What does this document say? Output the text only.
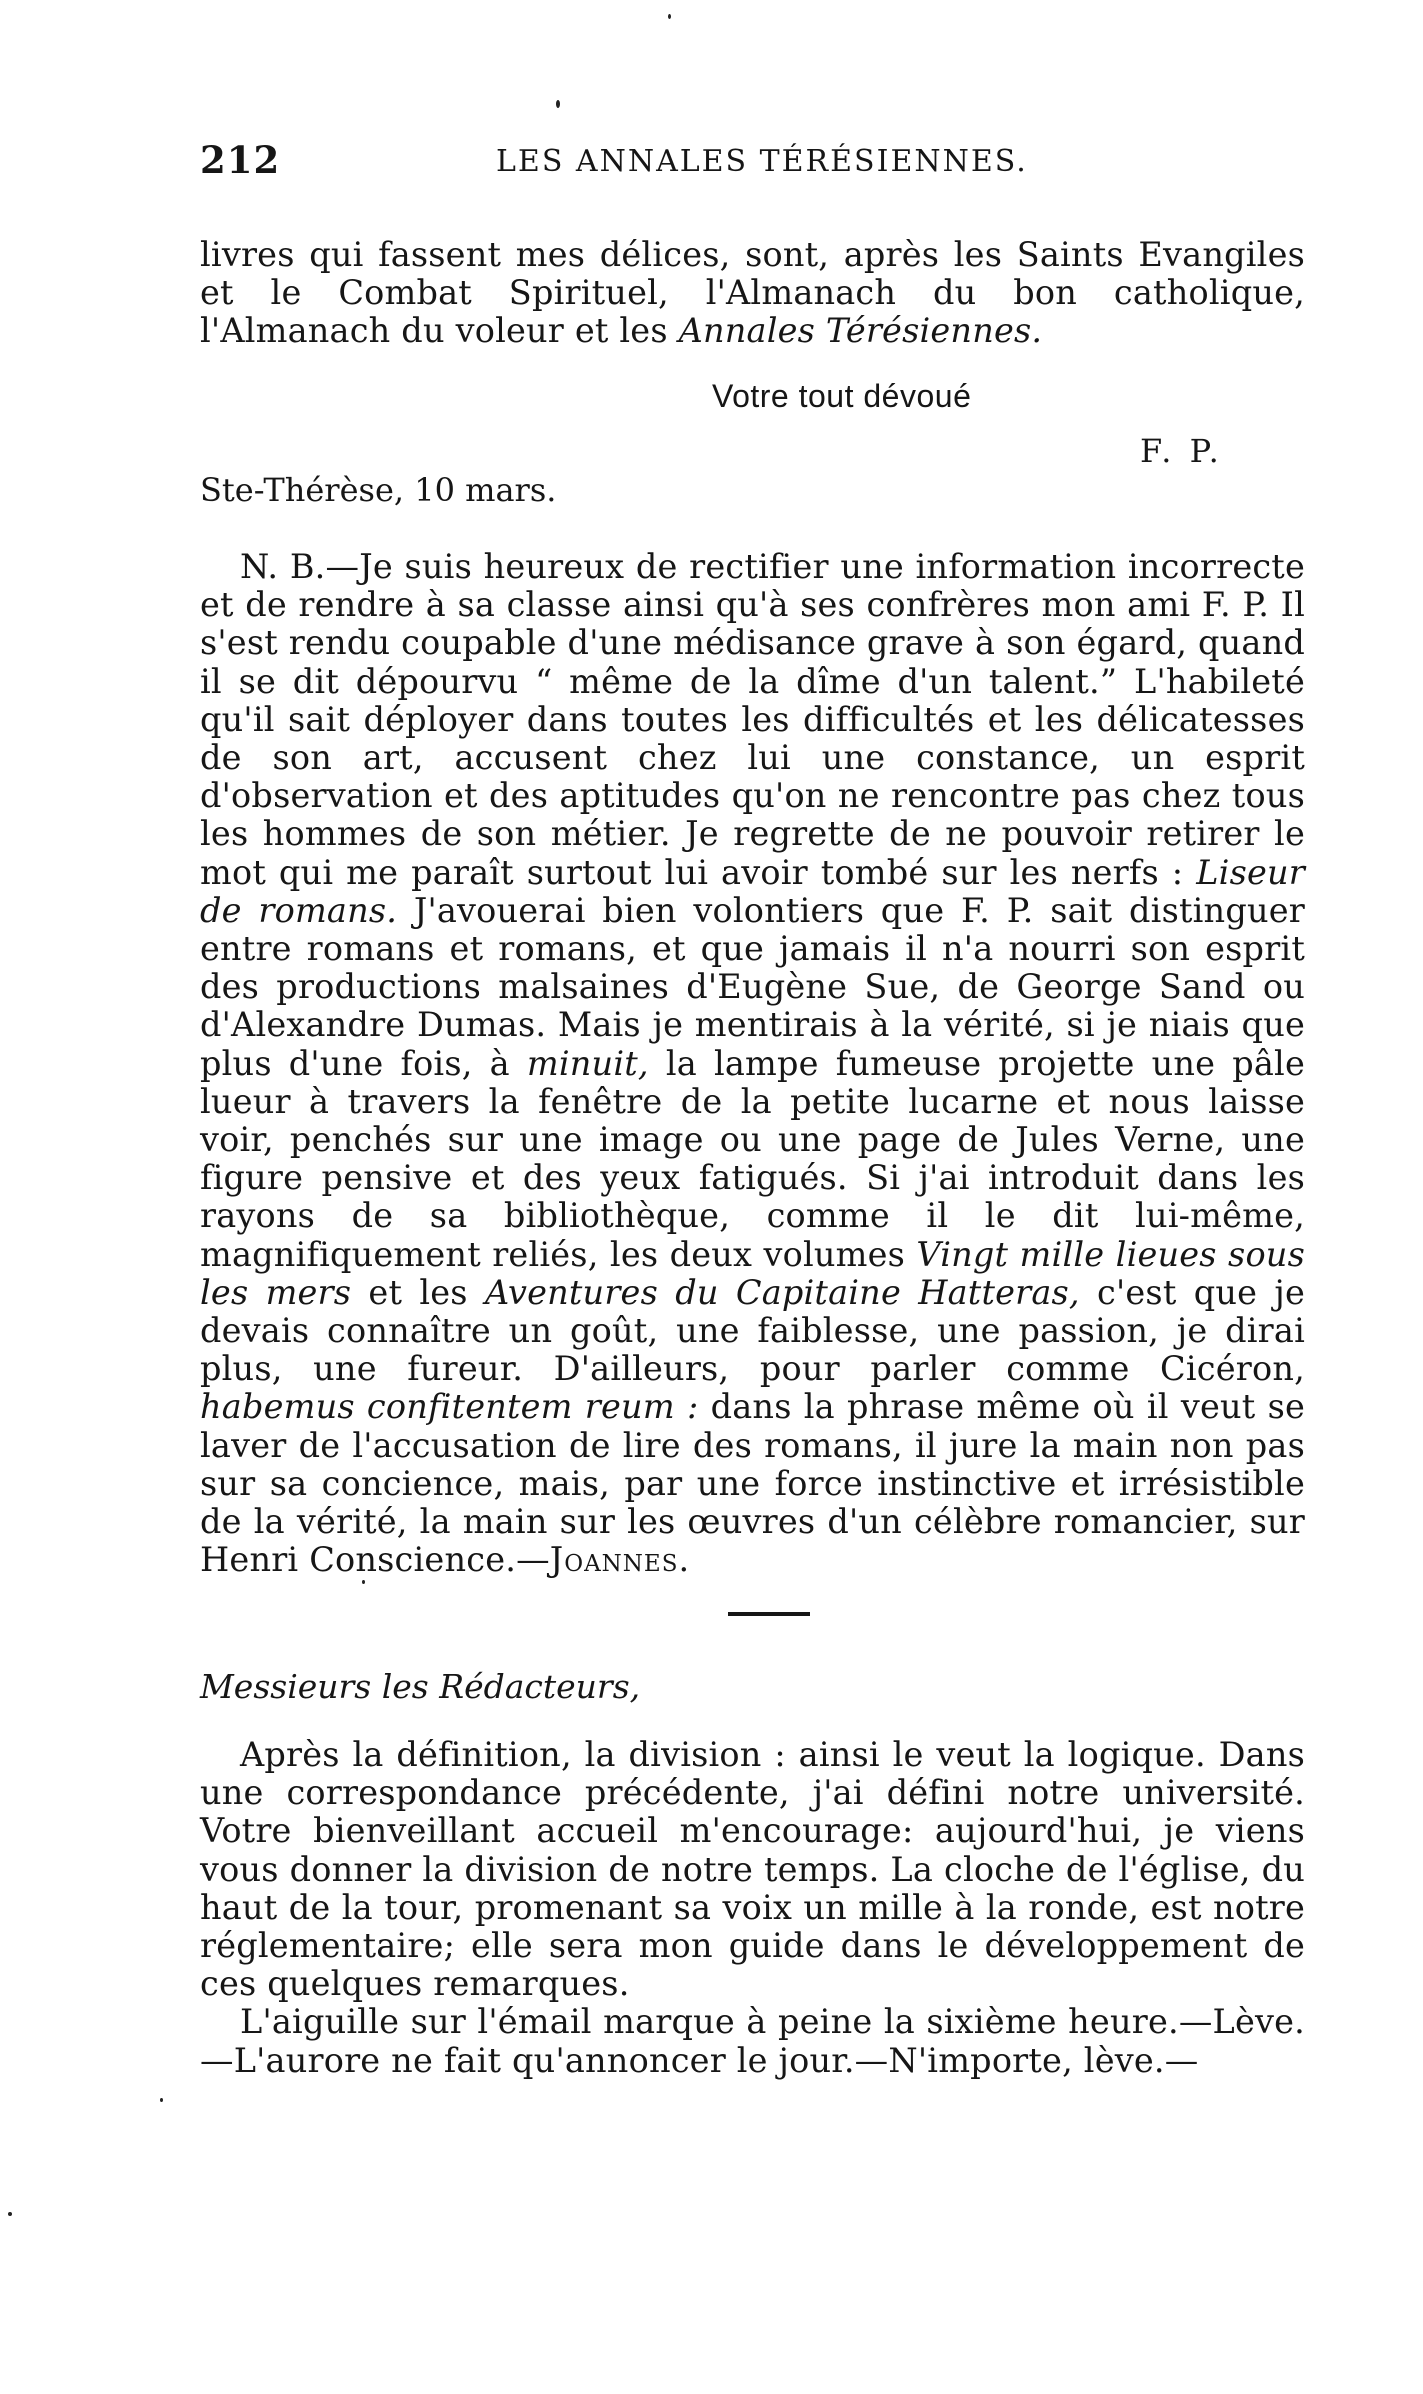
212	LES ANNALES TÉRÉSIENNES.

livres qui fassent mes délices, sont, après les Saints Evangiles et le Combat Spirituel, l'Almanach du bon catholique, l'Almanach du voleur et les Annales Térésiennes.

Votre tout dévoué
F. P.
Ste-Thérèse, 10 mars.

N. B.—Je suis heureux de rectifier une information incorrecte et de rendre à sa classe ainsi qu'à ses confrères mon ami F. P. Il s'est rendu coupable d'une médisance grave à son égard, quand il se dit dépourvu “ même de la dîme d'un talent.” L'habileté qu'il sait déployer dans toutes les difficultés et les délicatesses de son art, accusent chez lui une constance, un esprit d'observation et des aptitudes qu'on ne rencontre pas chez tous les hommes de son métier. Je regrette de ne pouvoir retirer le mot qui me paraît surtout lui avoir tombé sur les nerfs : Liseur de romans. J'avouerai bien volontiers que F. P. sait distinguer entre romans et romans, et que jamais il n'a nourri son esprit des productions malsaines d'Eugène Sue, de George Sand ou d'Alexandre Dumas. Mais je mentirais à la vérité, si je niais que plus d'une fois, à minuit, la lampe fumeuse projette une pâle lueur à travers la fenêtre de la petite lucarne et nous laisse voir, penchés sur une image ou une page de Jules Verne, une figure pensive et des yeux fatigués. Si j'ai introduit dans les rayons de sa bibliothèque, comme il le dit lui-même, magnifiquement reliés, les deux volumes Vingt mille lieues sous les mers et les Aventures du Capitaine Hatteras, c'est que je devais connaître un goût, une faiblesse, une passion, je dirai plus, une fureur. D'ailleurs, pour parler comme Cicéron, habemus confitentem reum : dans la phrase même où il veut se laver de l'accusation de lire des romans, il jure la main non pas sur sa concience, mais, par une force instinctive et irrésistible de la vérité, la main sur les œuvres d'un célèbre romancier, sur Henri Conscience.—Joannes.

Messieurs les Rédacteurs,

Après la définition, la division : ainsi le veut la logique. Dans une correspondance précédente, j'ai défini notre université. Votre bienveillant accueil m'encourage: aujourd'hui, je viens vous donner la division de notre temps. La cloche de l'église, du haut de la tour, promenant sa voix un mille à la ronde, est notre réglementaire; elle sera mon guide dans le développement de ces quelques remarques.

L'aiguille sur l'émail marque à peine la sixième heure.—Lève.—L'aurore ne fait qu'annoncer le jour.—N'importe, lève.—
